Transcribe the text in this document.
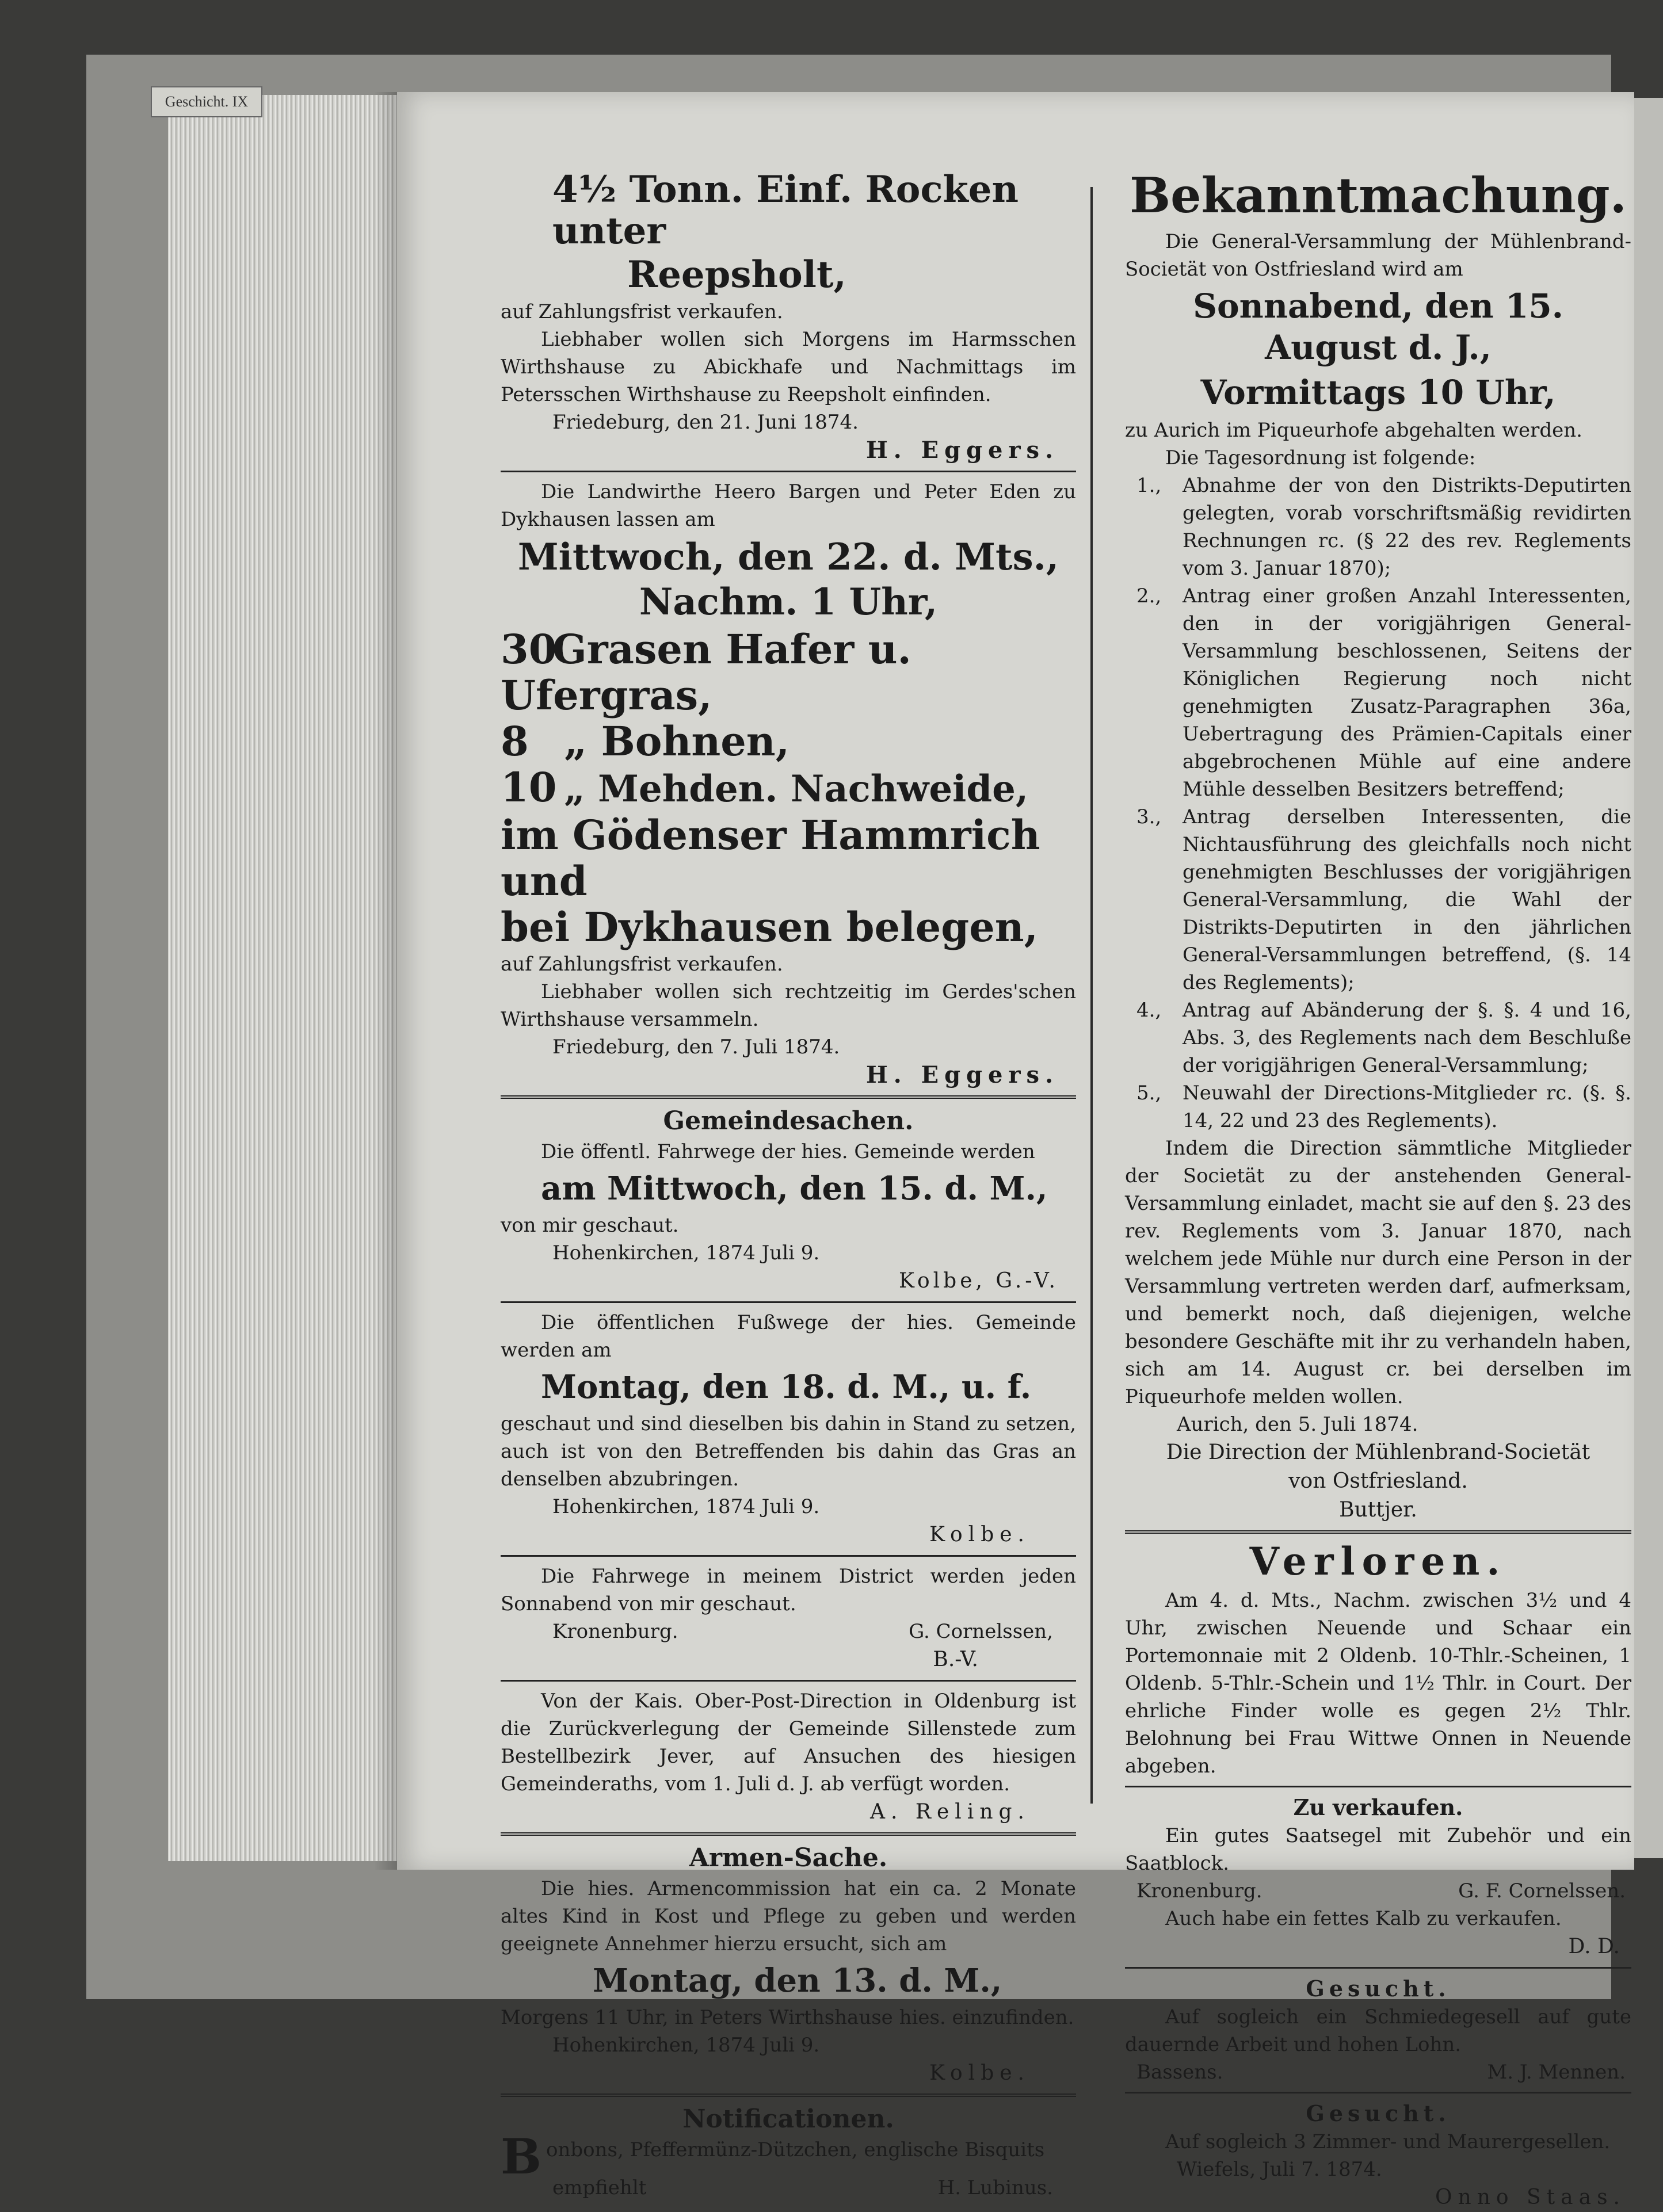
Geschicht. IX

4½ Tonn. Einf. Rocken unter

Reepsholt,

auf Zahlungsfrist verkaufen.

Liebhaber wollen sich Morgens im Harmsschen Wirthshause zu Abickhafe und Nachmittags im Petersschen Wirthshause zu Reepsholt einfinden.

Friedeburg, den 21. Juni 1874.

H. Eggers.

Die Landwirthe Heero Bargen und Peter Eden zu Dykhausen lassen am

Mittwoch, den 22. d. Mts.,

Nachm. 1 Uhr,

30Grasen Hafer u. Ufergras,

8 „ Bohnen,

10 „ Mehden. Nachweide,

im Gödenser Hammrich und

bei Dykhausen belegen,

auf Zahlungsfrist verkaufen.

Liebhaber wollen sich rechtzeitig im Gerdes'schen Wirthshause versammeln.

Friedeburg, den 7. Juli 1874.

H. Eggers.

Gemeindesachen.

Die öffentl. Fahrwege der hies. Gemeinde werden

am Mittwoch, den 15. d. M.,

von mir geschaut.

Hohenkirchen, 1874 Juli 9.

Kolbe, G.-V.

Die öffentlichen Fußwege der hies. Gemeinde werden am

Montag, den 18. d. M., u. f.

geschaut und sind dieselben bis dahin in Stand zu setzen, auch ist von den Betreffenden bis dahin das Gras an denselben abzubringen.

Hohenkirchen, 1874 Juli 9.

Kolbe.

Die Fahrwege in meinem District werden jeden Sonnabend von mir geschaut.

Kronenburg.	G. Cornelssen,

B.-V.

Von der Kais. Ober-Post-Direction in Oldenburg ist die Zurückverlegung der Gemeinde Sillenstede zum Bestellbezirk Jever, auf Ansuchen des hiesigen Gemeinderaths, vom 1. Juli d. J. ab verfügt worden.

A. Reling.

Armen-Sache.

Die hies. Armencommission hat ein ca. 2 Monate altes Kind in Kost und Pflege zu geben und werden geeignete Annehmer hierzu ersucht, sich am

Montag, den 13. d. M.,

Morgens 11 Uhr, in Peters Wirthshause hies. einzufinden.

Hohenkirchen, 1874 Juli 9.

Kolbe.

Notificationen.

Bonbons, Pfeffermünz-Dützchen, englische Bisquits

empfiehlt	H. Lubinus.

Bekanntmachung.

Die General-Versammlung der Mühlenbrand-Societät von Ostfriesland wird am

Sonnabend, den 15. August d. J.,

Vormittags 10 Uhr,

zu Aurich im Piqueurhofe abgehalten werden.

Die Tagesordnung ist folgende:

1.,	Abnahme der von den Distrikts-Deputirten gelegten, vorab vorschriftsmäßig revidirten Rechnungen rc. (§ 22 des rev. Reglements vom 3. Januar 1870);
2.,	Antrag einer großen Anzahl Interessenten, den in der vorigjährigen General-Versammlung beschlossenen, Seitens der Königlichen Regierung noch nicht genehmigten Zusatz-Paragraphen 36a, Uebertragung des Prämien-Capitals einer abgebrochenen Mühle auf eine andere Mühle desselben Besitzers betreffend;
3.,	Antrag derselben Interessenten, die Nichtausführung des gleichfalls noch nicht genehmigten Beschlusses der vorigjährigen General-Versammlung, die Wahl der Distrikts-Deputirten in den jährlichen General-Versammlungen betreffend, (§. 14 des Reglements);
4.,	Antrag auf Abänderung der §. §. 4 und 16, Abs. 3, des Reglements nach dem Beschluße der vorigjährigen General-Versammlung;
5.,	Neuwahl der Directions-Mitglieder rc. (§. §. 14, 22 und 23 des Reglements).

Indem die Direction sämmtliche Mitglieder der Societät zu der anstehenden General-Versammlung einladet, macht sie auf den §. 23 des rev. Reglements vom 3. Januar 1870, nach welchem jede Mühle nur durch eine Person in der Versammlung vertreten werden darf, aufmerksam, und bemerkt noch, daß diejenigen, welche besondere Geschäfte mit ihr zu verhandeln haben, sich am 14. August cr. bei derselben im Piqueurhofe melden wollen.

Aurich, den 5. Juli 1874.

Die Direction der Mühlenbrand-Societät

von Ostfriesland.

Buttjer.

Verloren.

Am 4. d. Mts., Nachm. zwischen 3½ und 4 Uhr, zwischen Neuende und Schaar ein Portemonnaie mit 2 Oldenb. 10-Thlr.-Scheinen, 1 Oldenb. 5-Thlr.-Schein und 1½ Thlr. in Court. Der ehrliche Finder wolle es gegen 2½ Thlr. Belohnung bei Frau Wittwe Onnen in Neuende abgeben.

Zu verkaufen.

Ein gutes Saatsegel mit Zubehör und ein Saatblock.

Kronenburg.	G. F. Cornelssen.

Auch habe ein fettes Kalb zu verkaufen.

D. D.

Gesucht.

Auf sogleich ein Schmiedegesell auf gute dauernde Arbeit und hohen Lohn.

Bassens.	M. J. Mennen.

Gesucht.

Auf sogleich 3 Zimmer- und Maurergesellen.

Wiefels, Juli 7. 1874.

Onno Staas.
